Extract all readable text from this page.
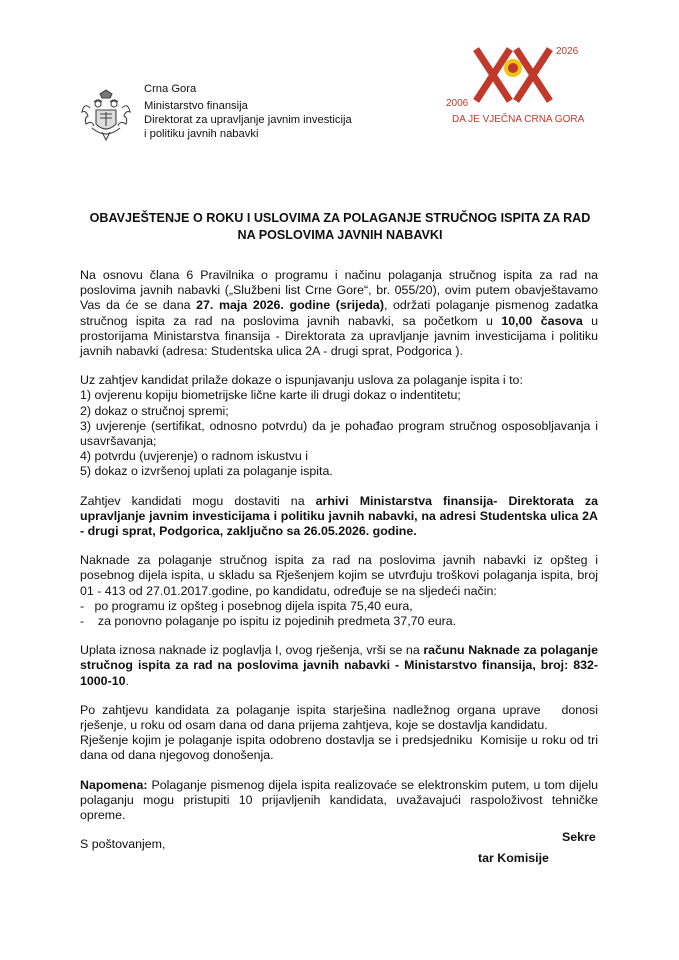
Crna Gora
Ministarstvo finansija
Direktorat za upravljanje javnim investicija
i politiku javnih nabavki
2006
2026
DA JE VJEČNA CRNA GORA
OBAVJEŠTENJE O ROKU I USLOVIMA ZA POLAGANJE STRUČNOG ISPITA ZA RAD
NA POSLOVIMA JAVNIH NABAVKI

Na osnovu člana 6 Pravilnika o programu i načinu polaganja stručnog ispita za rad na poslovima javnih nabavki („Službeni list Crne Gore“, br. 055/20), ovim putem obavještavamo Vas da će se dana 27. maja 2026. godine (srijeda), održati polaganje pismenog zadatka stručnog ispita za rad na poslovima javnih nabavki, sa početkom u 10,00 časova u prostorijama Ministarstva finansija - Direktorata za upravljanje javnim investicijama i politiku javnih nabavki (adresa: Studentska ulica 2A - drugi sprat, Podgorica ).

Uz zahtjev kandidat prilaže dokaze o ispunjavanju uslova za polaganje ispita i to:
1) ovjerenu kopiju biometrijske lične karte ili drugi dokaz o indentitetu;
2) dokaz o stručnoj spremi;
3) uvjerenje (sertifikat, odnosno potvrdu) da je pohađao program stručnog osposobljavanja i usavršavanja;
4) potvrdu (uvjerenje) o radnom iskustvu i
5) dokaz o izvršenoj uplati za polaganje ispita.

Zahtjev kandidati mogu dostaviti na arhivi Ministarstva finansija- Direktorata za upravljanje javnim investicijama i politiku javnih nabavki, na adresi Studentska ulica 2A - drugi sprat, Podgorica, zaključno sa 26.05.2026. godine.

Naknade za polaganje stručnog ispita za rad na poslovima javnih nabavki iz opšteg i posebnog dijela ispita, u skladu sa Rješenjem kojim se utvrđuju troškovi polaganja ispita, broj 01 - 413 od 27.01.2017.godine, po kandidatu, određuje se na sljedeći način:
-   po programu iz opšteg i posebnog dijela ispita 75,40 eura,
-    za ponovno polaganje po ispitu iz pojedinih predmeta 37,70 eura.

Uplata iznosa naknade iz poglavlja I, ovog rješenja, vrši se na računu Naknade za polaganje stručnog ispita za rad na poslovima javnih nabavki - Ministarstvo finansija, broj: 832-1000-10.

Po zahtjevu kandidata za polaganje ispita starješina nadležnog organa uprave   donosi rješenje, u roku od osam dana od dana prijema zahtjeva, koje se dostavlja kandidatu.
Rješenje kojim je polaganje ispita odobreno dostavlja se i predsjedniku  Komisije u roku od tri dana od dana njegovog donošenja.

Napomena: Polaganje pismenog dijela ispita realizovaće se elektronskim putem, u tom dijelu polaganju mogu pristupiti 10 prijavljenih kandidata, uvažavajući raspoloživost tehničke opreme.

S poštovanjem,

Sekre
tar Komisije
